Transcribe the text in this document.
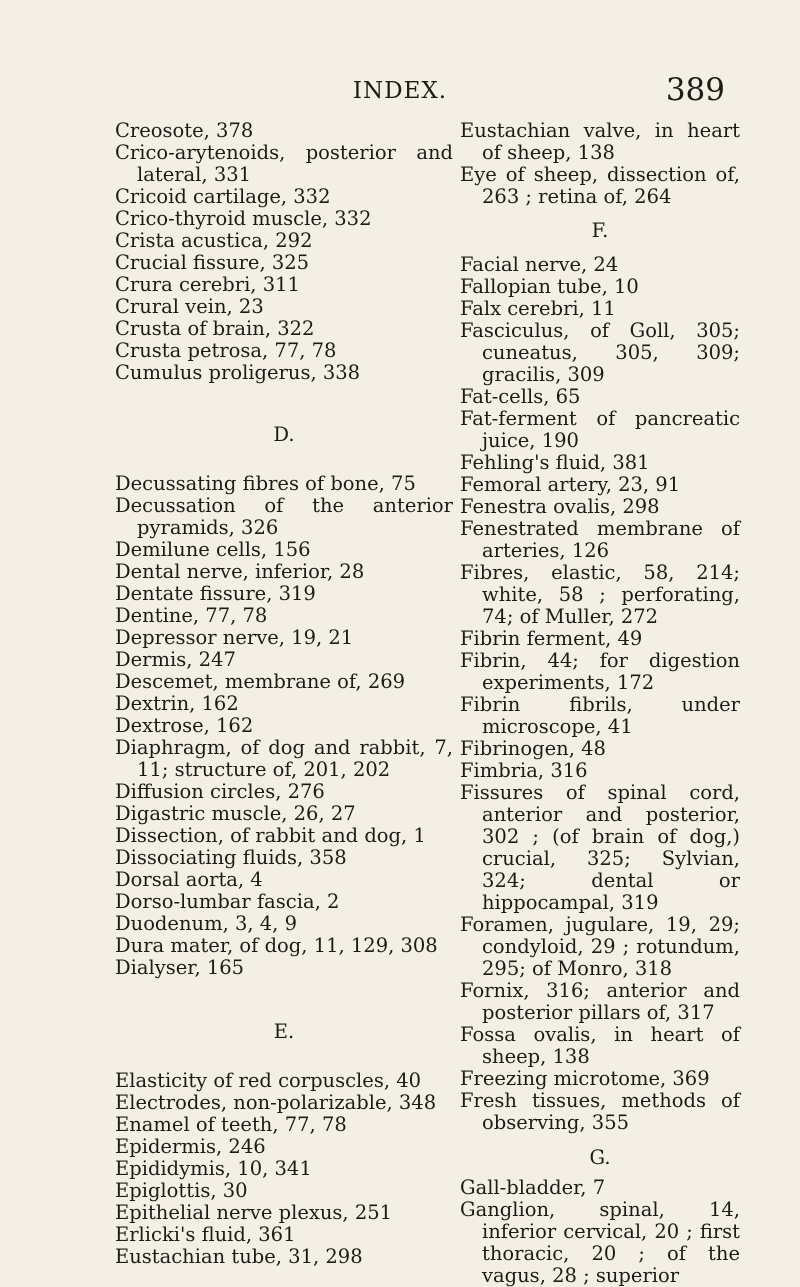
INDEX.	389
Creosote, 378
Crico-arytenoids, posterior and lateral, 331
Cricoid cartilage, 332
Crico-thyroid muscle, 332
Crista acustica, 292
Crucial fissure, 325
Crura cerebri, 311
Crural vein, 23
Crusta of brain, 322
Crusta petrosa, 77, 78
Cumulus proligerus, 338
D.
Decussating fibres of bone, 75
Decussation of the anterior pyramids, 326
Demilune cells, 156
Dental nerve, inferior, 28
Dentate fissure, 319
Dentine, 77, 78
Depressor nerve, 19, 21
Dermis, 247
Descemet, membrane of, 269
Dextrin, 162
Dextrose, 162
Diaphragm, of dog and rabbit, 7, 11; structure of, 201, 202
Diffusion circles, 276
Digastric muscle, 26, 27
Dissection, of rabbit and dog, 1
Dissociating fluids, 358
Dorsal aorta, 4
Dorso-lumbar fascia, 2
Duodenum, 3, 4, 9
Dura mater, of dog, 11, 129, 308
Dialyser, 165
E.
Elasticity of red corpuscles, 40
Electrodes, non-polarizable, 348
Enamel of teeth, 77, 78
Epidermis, 246
Epididymis, 10, 341
Epiglottis, 30
Epithelial nerve plexus, 251
Erlicki's fluid, 361
Eustachian tube, 31, 298
Eustachian valve, in heart of sheep, 138
Eye of sheep, dissection of, 263 ; retina of, 264
F.
Facial nerve, 24
Fallopian tube, 10
Falx cerebri, 11
Fasciculus, of Goll, 305; cuneatus, 305, 309; gracilis, 309
Fat-cells, 65
Fat-ferment of pancreatic juice, 190
Fehling's fluid, 381
Femoral artery, 23, 91
Fenestra ovalis, 298
Fenestrated membrane of arteries, 126
Fibres, elastic, 58, 214; white, 58 ; perforating, 74; of Muller, 272
Fibrin ferment, 49
Fibrin, 44; for digestion experiments, 172
Fibrin fibrils, under microscope, 41
Fibrinogen, 48
Fimbria, 316
Fissures of spinal cord, anterior and posterior, 302 ; (of brain of dog,) crucial, 325; Sylvian, 324; dental or hippocampal, 319
Foramen, jugulare, 19, 29; condyloid, 29 ; rotundum, 295; of Monro, 318
Fornix, 316; anterior and posterior pillars of, 317
Fossa ovalis, in heart of sheep, 138
Freezing microtome, 369
Fresh tissues, methods of observing, 355
G.
Gall-bladder, 7
Ganglion, spinal, 14, inferior cervical, 20 ; first thoracic, 20 ; of the vagus, 28 ; superior
